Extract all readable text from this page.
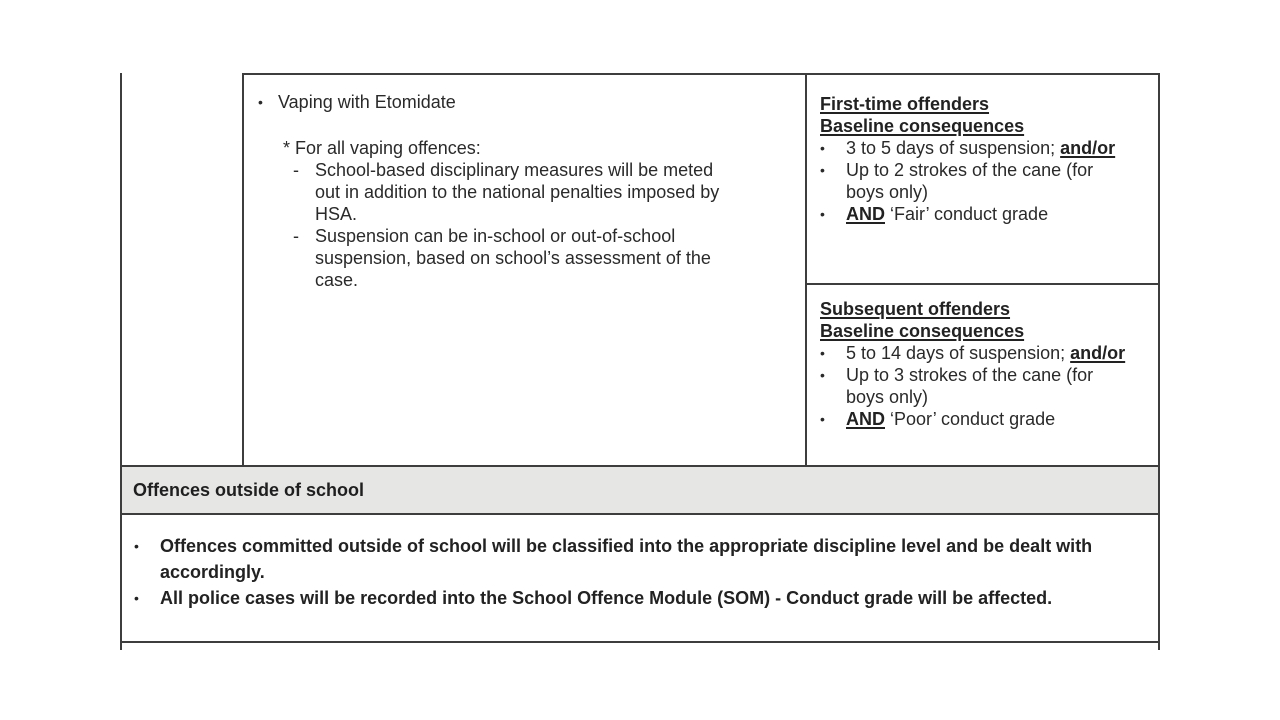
• Vaping with Etomidate
* For all vaping offences:
- School-based disciplinary measures will be meted out in addition to the national penalties imposed by HSA.
- Suspension can be in-school or out-of-school suspension, based on school’s assessment of the case.
First-time offenders
Baseline consequences
•	3 to 5 days of suspension; and/or
•	Up to 2 strokes of the cane (for boys only)
•	AND ‘Fair’ conduct grade
Subsequent offenders
Baseline consequences
•	5 to 14 days of suspension; and/or
•	Up to 3 strokes of the cane (for boys only)
•	AND ‘Poor’ conduct grade
Offences outside of school
•	Offences committed outside of school will be classified into the appropriate discipline level and be dealt with accordingly.
•	All police cases will be recorded into the School Offence Module (SOM) - Conduct grade will be affected.
